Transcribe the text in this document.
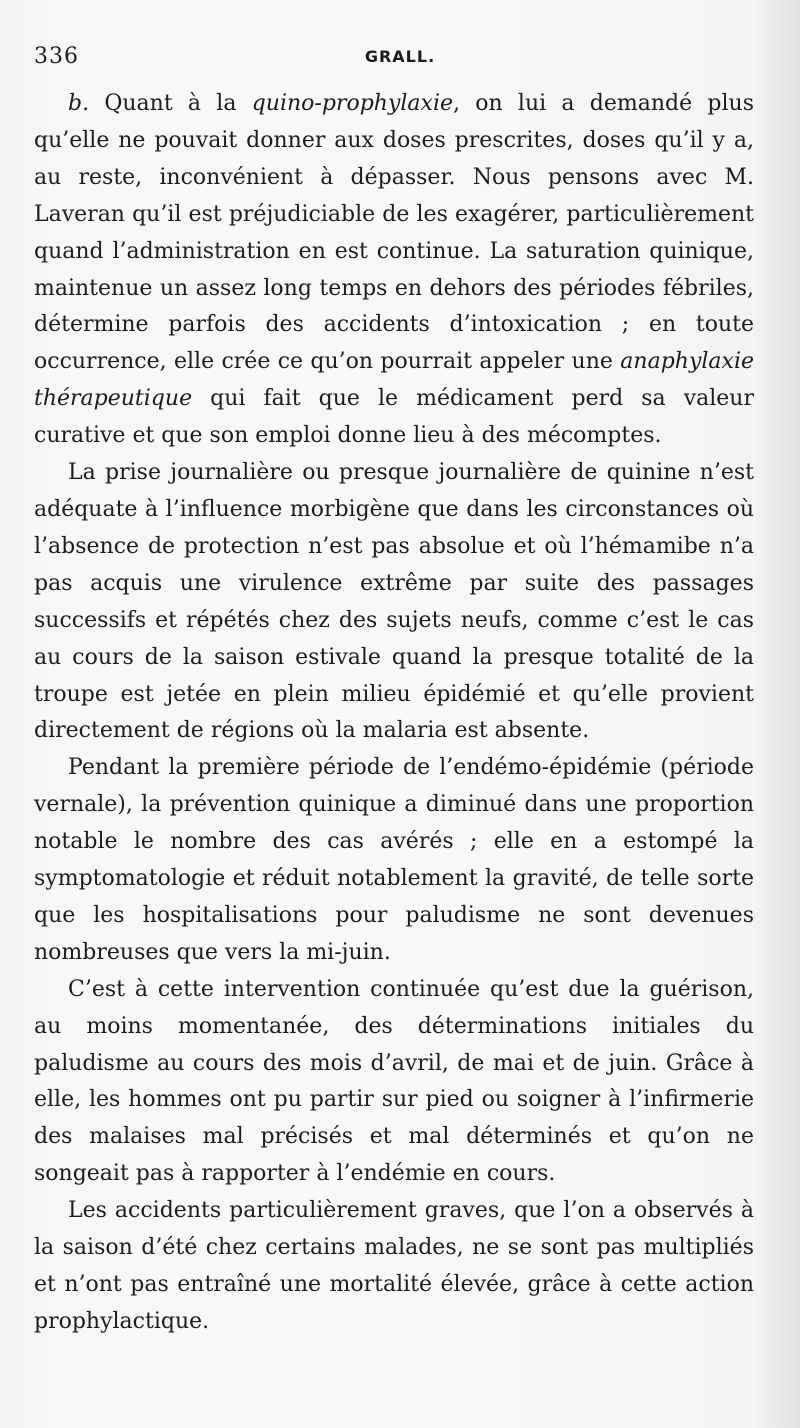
336	GRALL.

b. Quant à la quino-prophylaxie, on lui a demandé plus qu’elle ne pouvait donner aux doses prescrites, doses qu’il y a, au reste, inconvénient à dépasser. Nous pensons avec M. Laveran qu’il est préjudiciable de les exagérer, particulièrement quand l’administration en est continue. La saturation quinique, maintenue un assez long temps en dehors des périodes fébriles, détermine parfois des accidents d’intoxication ; en toute occurrence, elle crée ce qu’on pourrait appeler une anaphylaxie thérapeutique qui fait que le médicament perd sa valeur curative et que son emploi donne lieu à des mécomptes.

La prise journalière ou presque journalière de quinine n’est adéquate à l’influence morbigène que dans les circonstances où l’absence de protection n’est pas absolue et où l’hémamibe n’a pas acquis une virulence extrême par suite des passages successifs et répétés chez des sujets neufs, comme c’est le cas au cours de la saison estivale quand la presque totalité de la troupe est jetée en plein milieu épidémié et qu’elle provient directement de régions où la malaria est absente.

Pendant la première période de l’endémo-épidémie (période vernale), la prévention quinique a diminué dans une proportion notable le nombre des cas avérés ; elle en a estompé la symptomatologie et réduit notablement la gravité, de telle sorte que les hospitalisations pour paludisme ne sont devenues nombreuses que vers la mi-juin.

C’est à cette intervention continuée qu’est due la guérison, au moins momentanée, des déterminations initiales du paludisme au cours des mois d’avril, de mai et de juin. Grâce à elle, les hommes ont pu partir sur pied ou soigner à l’infirmerie des malaises mal précisés et mal déterminés et qu’on ne songeait pas à rapporter à l’endémie en cours.

Les accidents particulièrement graves, que l’on a observés à la saison d’été chez certains malades, ne se sont pas multipliés et n’ont pas entraîné une mortalité élevée, grâce à cette action prophylactique.
